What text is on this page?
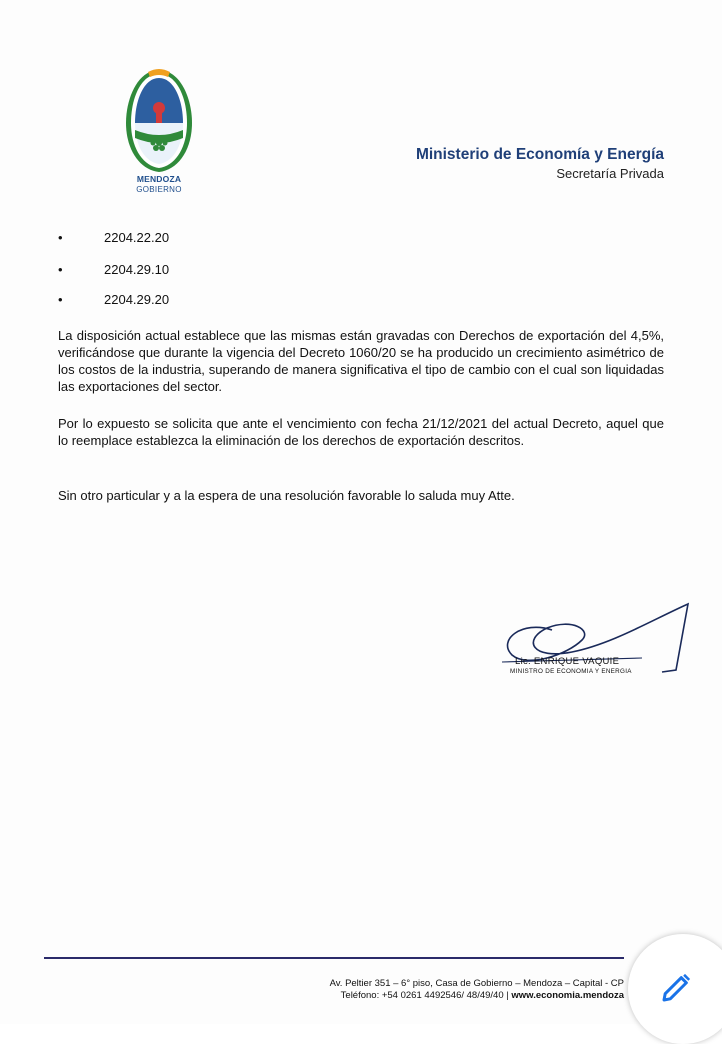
MENDOZA
GOBIERNO
Ministerio de Economía y Energía
Secretaría Privada
•	2204.22.20
•	2204.29.10
•	2204.29.20
La disposición actual establece que las mismas están gravadas con Derechos de exportación del 4,5%, verificándose que durante la vigencia del Decreto 1060/20 se ha producido un crecimiento asimétrico de los costos de la industria, superando de manera significativa el tipo de cambio con el cual son liquidadas las exportaciones del sector.
Por lo expuesto se solicita que ante el vencimiento con fecha 21/12/2021 del actual Decreto, aquel que lo reemplace establezca la eliminación de los derechos de exportación descritos.
Sin otro particular y a la espera de una resolución favorable lo saluda muy Atte.
Lic. ENRIQUE VAQUIE
MINISTRO DE ECONOMIA Y ENERGIA
Av. Peltier 351 – 6° piso, Casa de Gobierno – Mendoza – Capital - CP
Teléfono: +54 0261 4492546/ 48/49/40 | www.economia.mendoza
